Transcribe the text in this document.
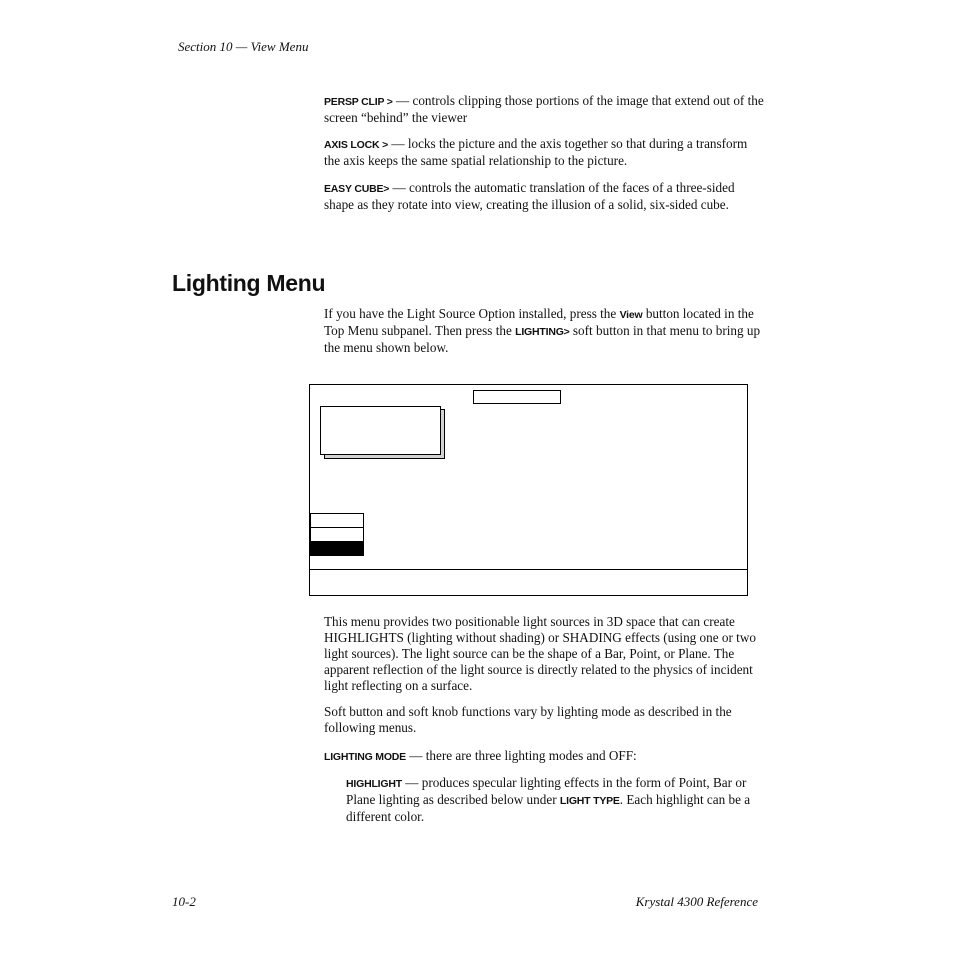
Section 10 — View Menu
PERSP CLIP > — controls clipping those portions of the image that extend out of the screen “behind” the viewer
AXIS LOCK > — locks the picture and the axis together so that during a transform the axis keeps the same spatial relationship to the picture.
EASY CUBE> — controls the automatic translation of the faces of a three-sided shape as they rotate into view, creating the illusion of a solid, six-sided cube.
Lighting Menu
If you have the Light Source Option installed, press the View button located in the Top Menu subpanel. Then press the LIGHTING> soft button in that menu to bring up the menu shown below.
This menu provides two positionable light sources in 3D space that can create HIGHLIGHTS (lighting without shading) or SHADING effects (using one or two light sources). The light source can be the shape of a Bar, Point, or Plane. The apparent reflection of the light source is directly related to the physics of incident light reflecting on a surface.
Soft button and soft knob functions vary by lighting mode as described in the following menus.
LIGHTING MODE — there are three lighting modes and OFF:
HIGHLIGHT — produces specular lighting effects in the form of Point, Bar or Plane lighting as described below under LIGHT TYPE. Each highlight can be a different color.
10-2	Krystal 4300 Reference
